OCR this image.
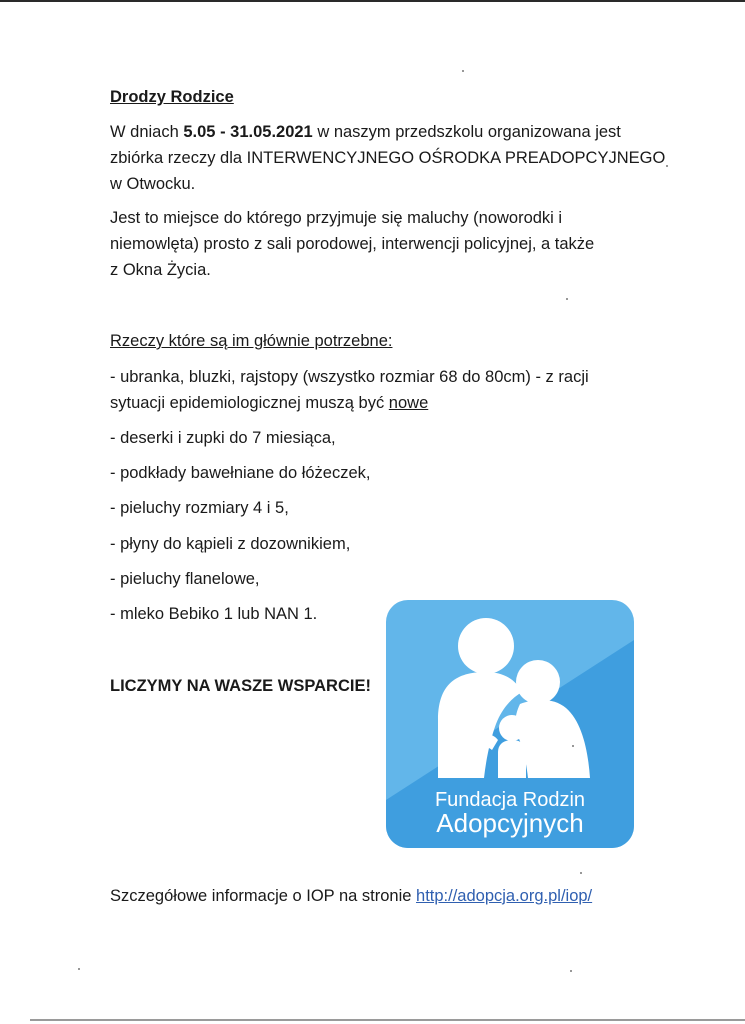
Drodzy Rodzice
W dniach 5.05 - 31.05.2021 w naszym przedszkolu organizowana jest
zbiórka rzeczy dla INTERWENCYJNEGO OŚRODKA PREADOPCYJNEGO
w Otwocku.
Jest to miejsce do którego przyjmuje się maluchy (noworodki i
niemowlęta) prosto z sali porodowej, interwencji policyjnej, a także
z Okna Życia.
Rzeczy które są im głównie potrzebne:
- ubranka, bluzki, rajstopy (wszystko rozmiar 68 do 80cm) - z racji
sytuacji epidemiologicznej muszą być nowe
- deserki i zupki do 7 miesiąca,
- podkłady bawełniane do łóżeczek,
- pieluchy rozmiary 4 i 5,
- płyny do kąpieli z dozownikiem,
- pieluchy flanelowe,
- mleko Bebiko 1 lub NAN 1.
LICZYMY NA WASZE WSPARCIE!
Szczegółowe informacje o IOP na stronie http://adopcja.org.pl/iop/
Fundacja Rodzin
Adopcyjnych
